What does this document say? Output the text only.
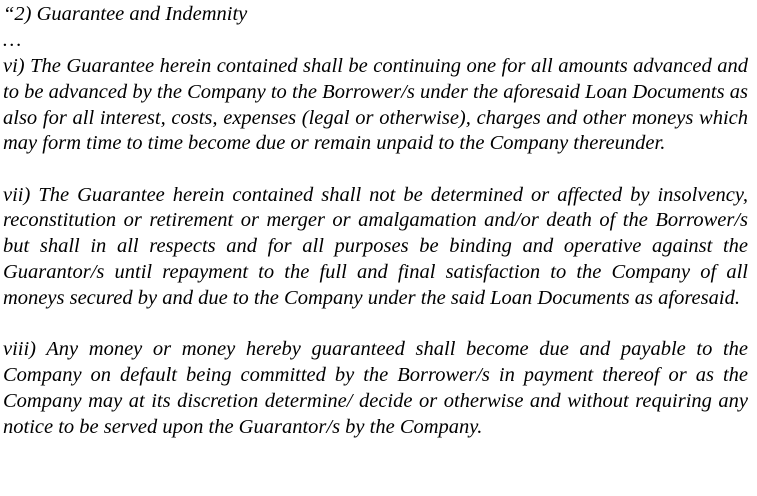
“2) Guarantee and Indemnity
…

vi) The Guarantee herein contained shall be continuing one for all amounts advanced and to be advanced by the Company to the Borrower/s under the aforesaid Loan Documents as also for all interest, costs, expenses (legal or otherwise), charges and other moneys which may form time to time become due or remain unpaid to the Company thereunder.

vii) The Guarantee herein contained shall not be determined or affected by insolvency, reconstitution or retirement or merger or amalgamation and/or death of the Borrower/s but shall in all respects and for all purposes be binding and operative against the Guarantor/s until repayment to the full and final satisfaction to the Company of all moneys secured by and due to the Company under the said Loan Documents as aforesaid.

viii) Any money or money hereby guaranteed shall become due and payable to the Company on default being committed by the Borrower/s in payment thereof or as the Company may at its discretion determine/ decide or otherwise and without requiring any notice to be served upon the Guarantor/s by the Company.
